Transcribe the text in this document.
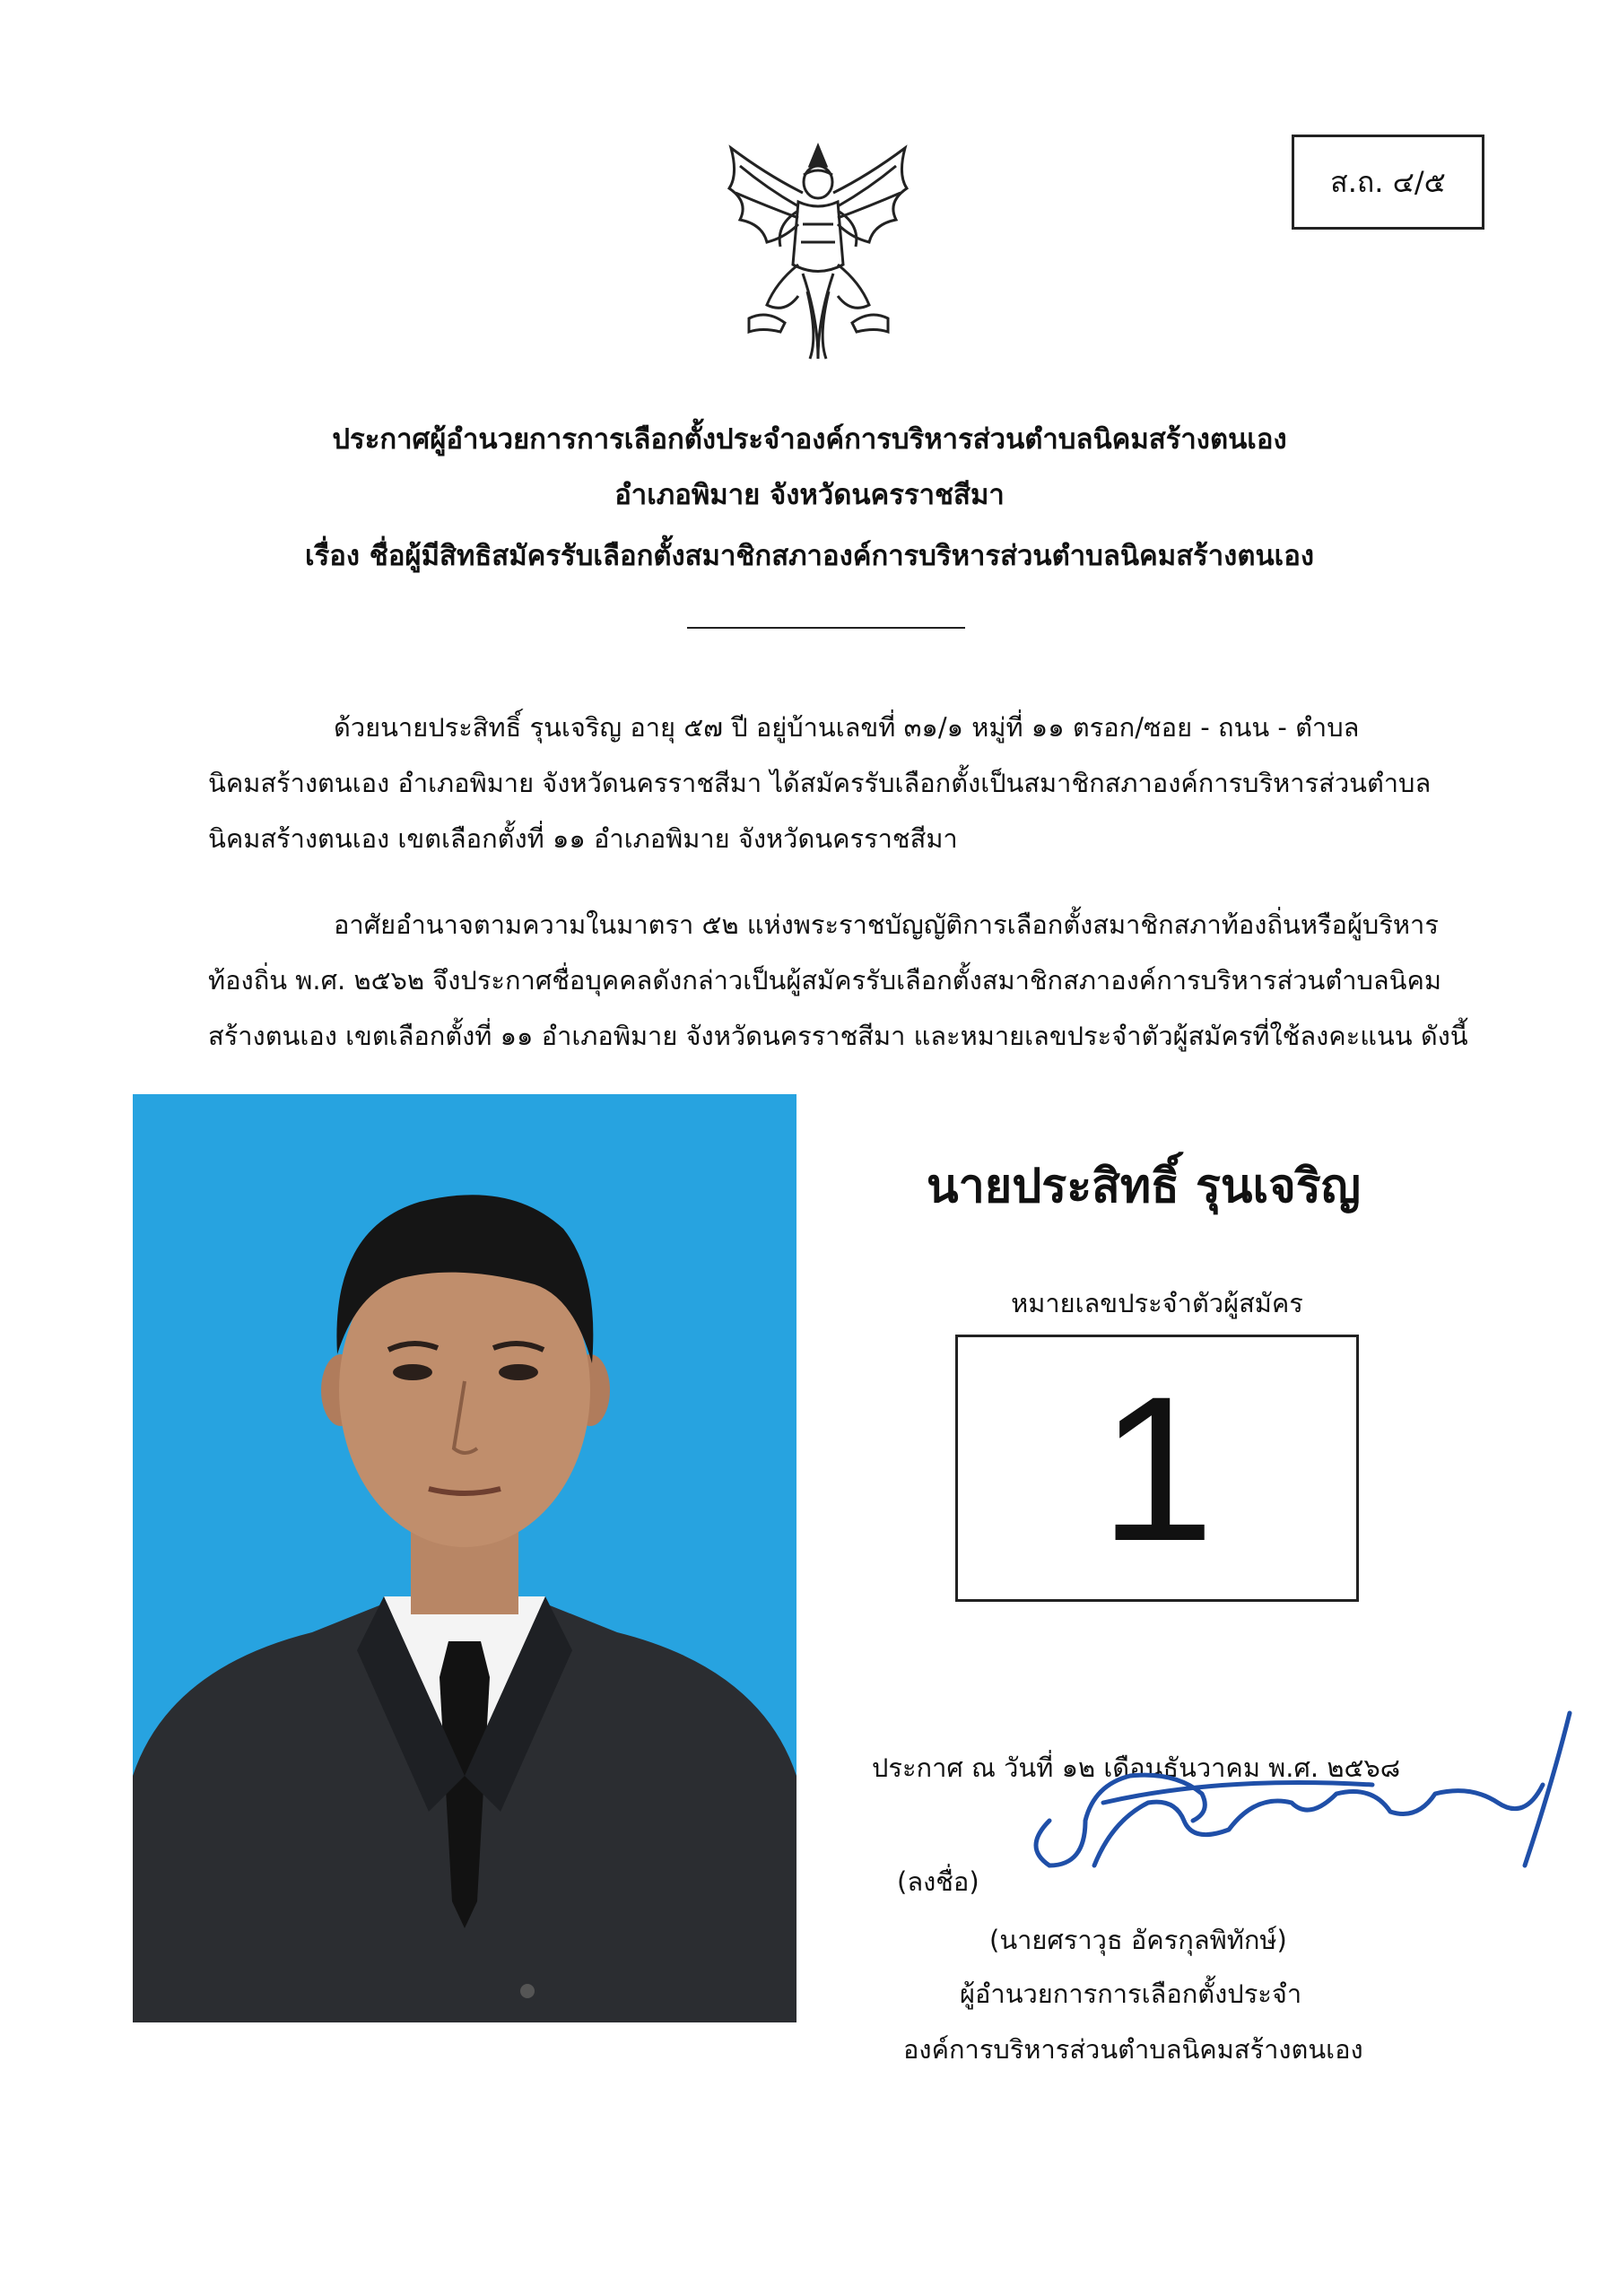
ส.ถ. ๔/๕
ประกาศผู้อำนวยการการเลือกตั้งประจำองค์การบริหารส่วนตำบลนิคมสร้างตนเอง
อำเภอพิมาย จังหวัดนครราชสีมา
เรื่อง ชื่อผู้มีสิทธิสมัครรับเลือกตั้งสมาชิกสภาองค์การบริหารส่วนตำบลนิคมสร้างตนเอง
ด้วยนายประสิทธิ์ รุนเจริญ อายุ ๕๗ ปี อยู่บ้านเลขที่ ๓๑/๑ หมู่ที่ ๑๑ ตรอก/ซอย - ถนน - ตำบล
นิคมสร้างตนเอง อำเภอพิมาย จังหวัดนครราชสีมา ได้สมัครรับเลือกตั้งเป็นสมาชิกสภาองค์การบริหารส่วนตำบล
นิคมสร้างตนเอง เขตเลือกตั้งที่ ๑๑ อำเภอพิมาย จังหวัดนครราชสีมา
อาศัยอำนาจตามความในมาตรา ๕๒ แห่งพระราชบัญญัติการเลือกตั้งสมาชิกสภาท้องถิ่นหรือผู้บริหาร
ท้องถิ่น พ.ศ. ๒๕๖๒ จึงประกาศชื่อบุคคลดังกล่าวเป็นผู้สมัครรับเลือกตั้งสมาชิกสภาองค์การบริหารส่วนตำบลนิคม
สร้างตนเอง เขตเลือกตั้งที่ ๑๑ อำเภอพิมาย จังหวัดนครราชสีมา และหมายเลขประจำตัวผู้สมัครที่ใช้ลงคะแนน ดังนี้
นายประสิทธิ์ รุนเจริญ
หมายเลขประจำตัวผู้สมัคร
1
ประกาศ ณ วันที่ ๑๒ เดือนธันวาคม พ.ศ. ๒๕๖๘
(ลงชื่อ)
(นายศราวุธ อัครกุลพิทักษ์)
ผู้อำนวยการการเลือกตั้งประจำ
องค์การบริหารส่วนตำบลนิคมสร้างตนเอง
